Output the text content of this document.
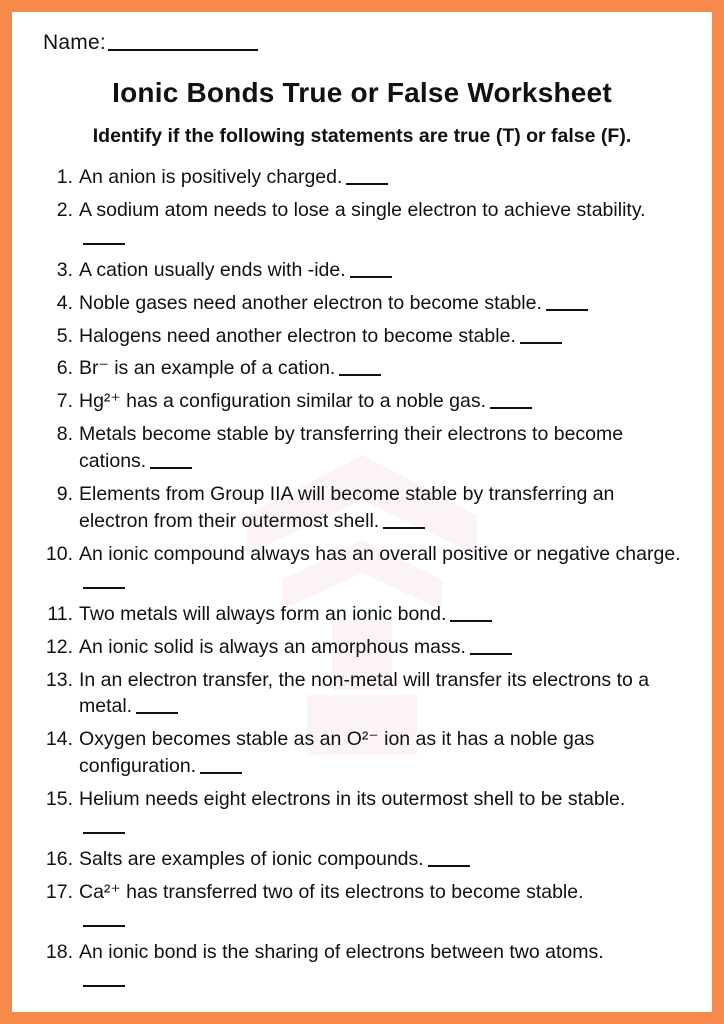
Name:
Ionic Bonds True or False Worksheet
Identify if the following statements are true (T) or false (F).
An anion is positively charged.
A sodium atom needs to lose a single electron to achieve stability.
A cation usually ends with -ide.
Noble gases need another electron to become stable.
Halogens need another electron to become stable.
Br⁻ is an example of a cation.
Hg²⁺ has a configuration similar to a noble gas.
Metals become stable by transferring their electrons to become cations.
Elements from Group IIA will become stable by transferring an electron from their outermost shell.
An ionic compound always has an overall positive or negative charge.
Two metals will always form an ionic bond.
An ionic solid is always an amorphous mass.
In an electron transfer, the non-metal will transfer its electrons to a metal.
Oxygen becomes stable as an O²⁻ ion as it has a noble gas configuration.
Helium needs eight electrons in its outermost shell to be stable.

Salts are examples of ionic compounds.
Ca²⁺ has transferred two of its electrons to become stable.

An ionic bond is the sharing of electrons between two atoms.
